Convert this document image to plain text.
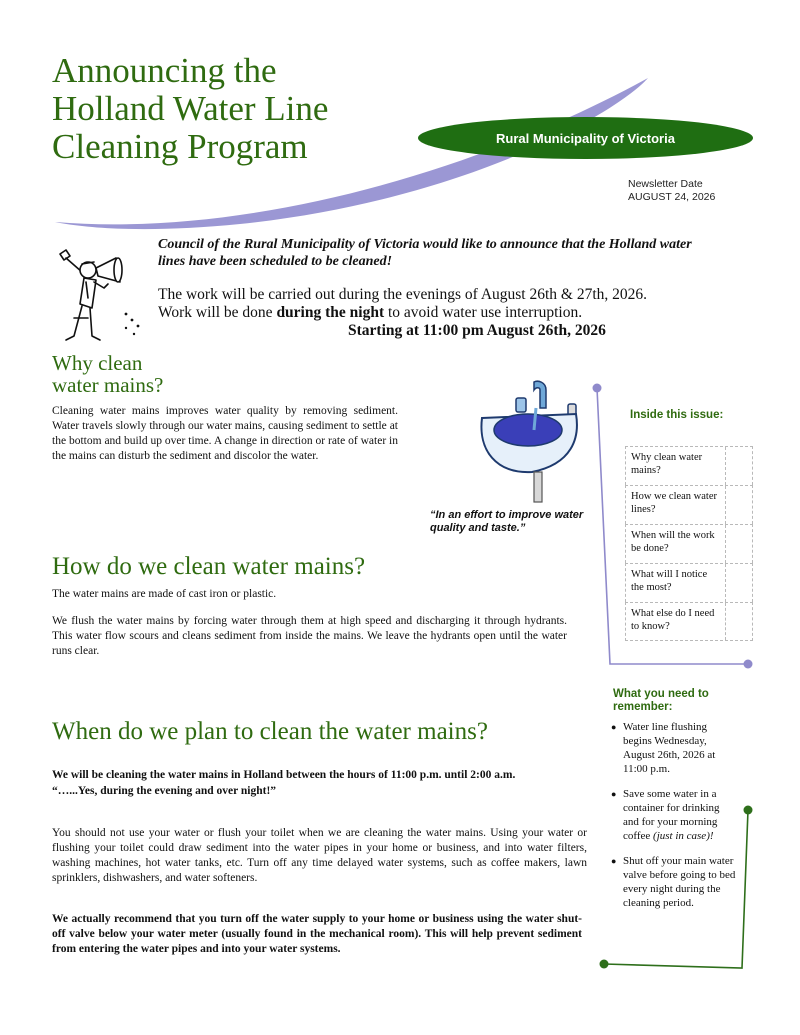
Announcing the
Holland Water Line
Cleaning Program	Rural Municipality of Victoria
Newsletter Date
AUGUST 24, 2026
Council of the Rural Municipality of Victoria would like to announce that the Holland water lines have been scheduled to be cleaned!
The work will be carried out during the evenings of August 26th & 27th, 2026.
Work will be done during the night to avoid water use interruption.
Starting at 11:00 pm August 26th, 2026
Why clean
water mains?
Cleaning water mains improves water quality by removing sediment. Water travels slowly through our water mains, causing sediment to settle at the bottom and build up over time. A change in direction or rate of water in the mains can disturb the sediment and discolor the water.
“In an effort to improve water quality and taste.”
How do we clean water mains?
The water mains are made of cast iron or plastic.
We flush the water mains by forcing water through them at high speed and discharging it through hydrants. This water flow scours and cleans sediment from inside the mains. We leave the hydrants open until the water runs clear.
When do we plan to clean the water mains?
We will be cleaning the water mains in Holland between the hours of 11:00 p.m. until 2:00 a.m.
“…...Yes, during the evening and over night!”
You should not use your water or flush your toilet when we are cleaning the water mains. Using your water or flushing your toilet could draw sediment into the water pipes in your home or business, and into water filters, washing machines, hot water tanks, etc. Turn off any time delayed water systems, such as coffee makers, lawn sprinklers, dishwashers, and water softeners.
We actually recommend that you turn off the water supply to your home or business using the water shut-off valve below your water meter (usually found in the mechanical room). This will help prevent sediment from entering the water pipes and into your water systems.
Inside this issue:
Why clean water mains?
How we clean water lines?
When will the work be done?
What will I notice the most?
What else do I need to know?
What you need to remember:
● Water line flushing begins Wednesday, August 26th, 2026 at 11:00 p.m.
● Save some water in a container for drinking and for your morning coffee (just in case)!
● Shut off your main water valve before going to bed every night during the cleaning period.
